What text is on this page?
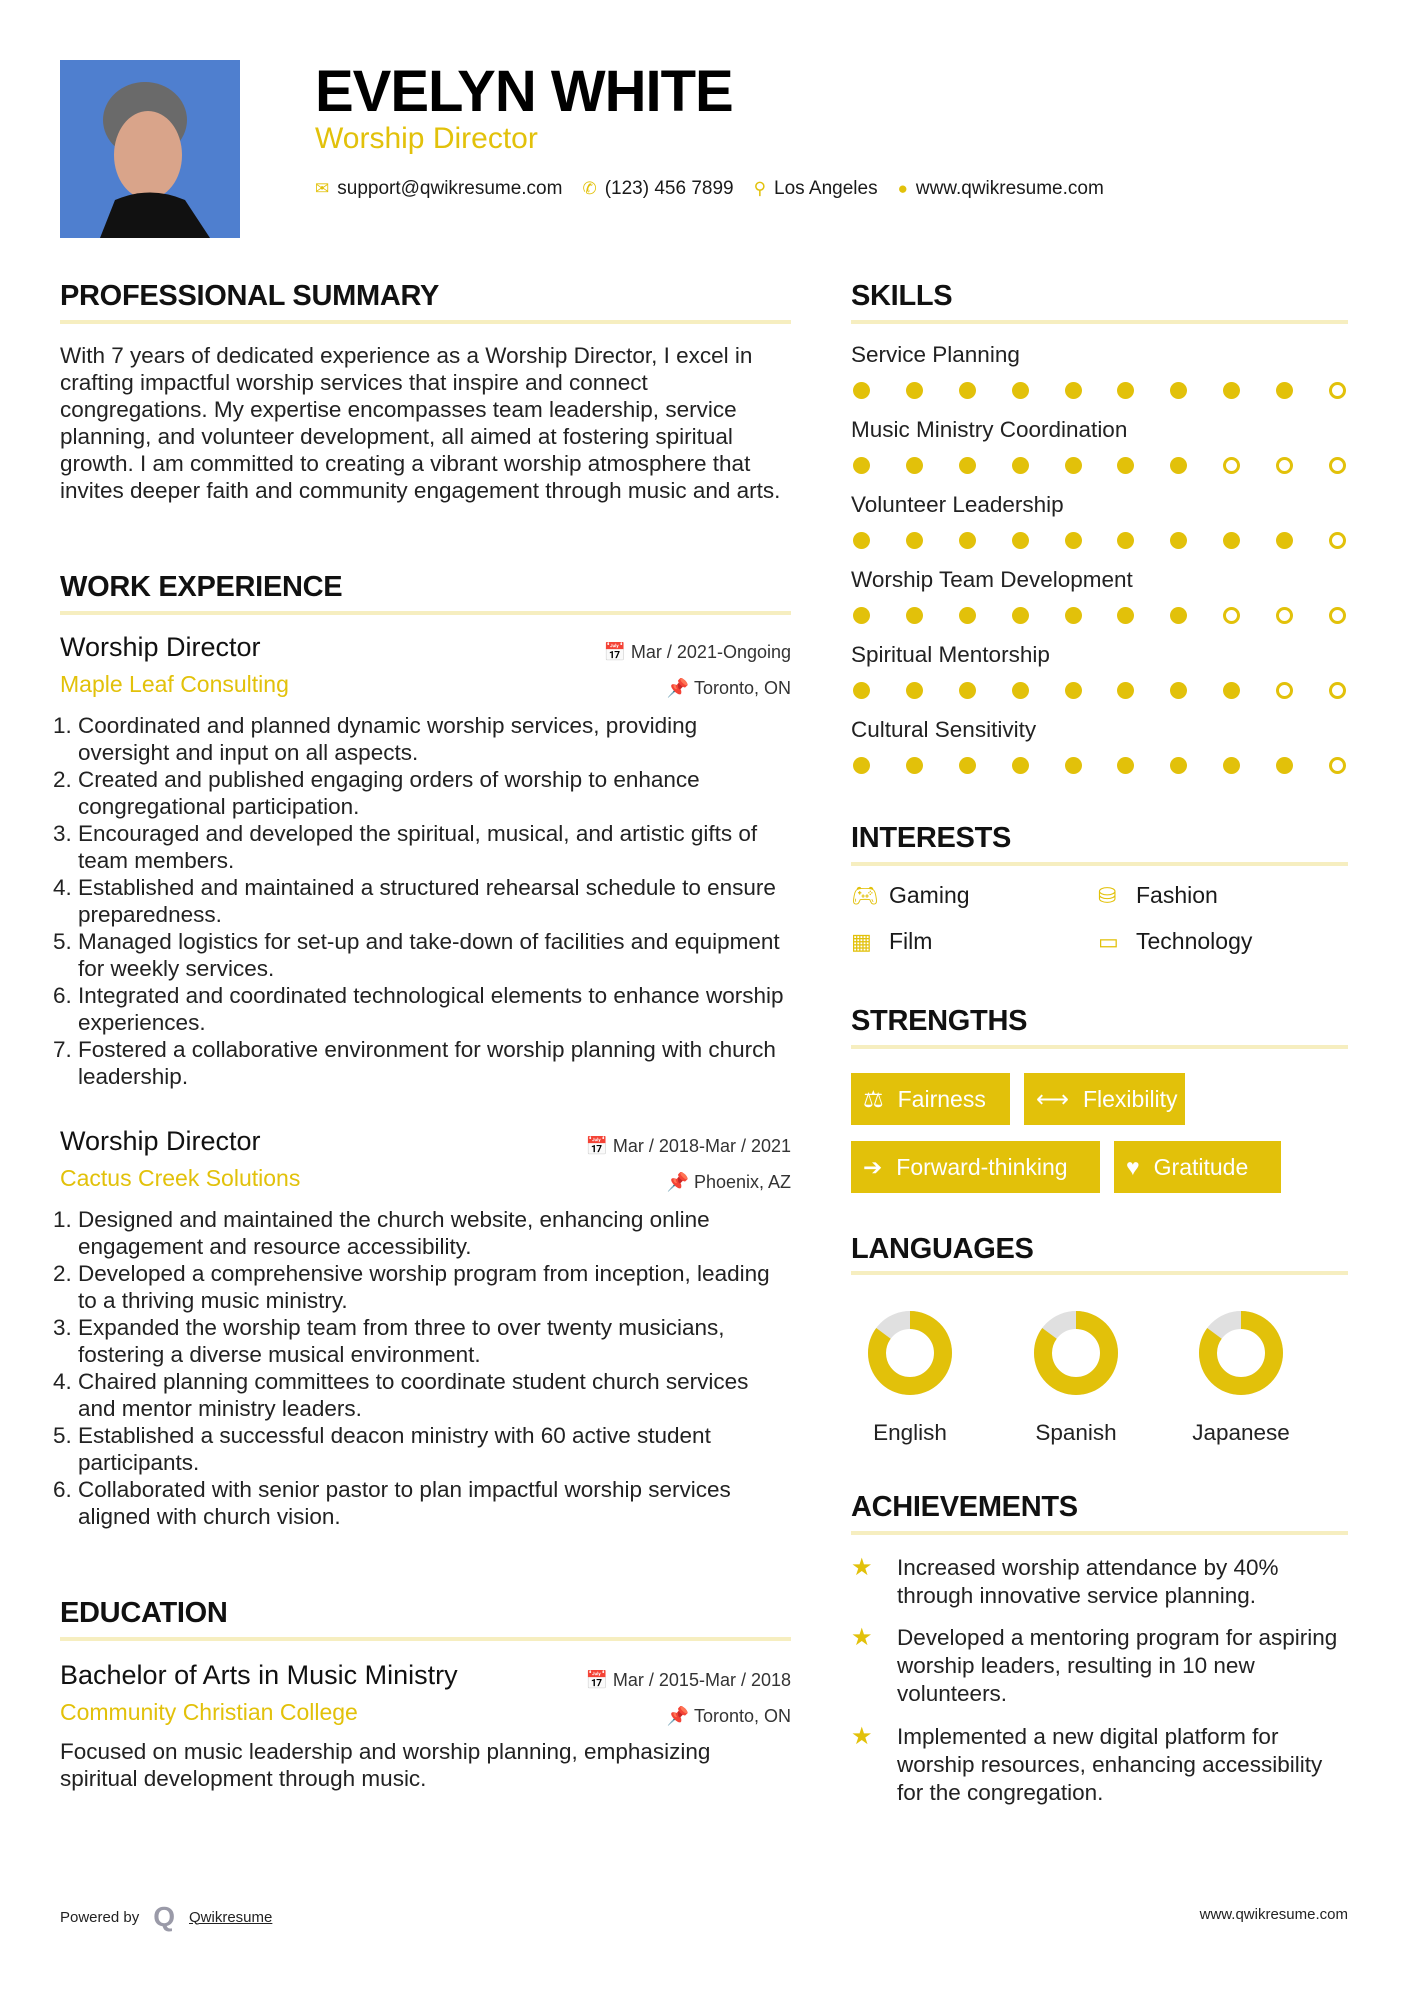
EVELYN WHITE
Worship Director
✉ support@qwikresume.com ✆ (123) 456 7899 ⚲ Los Angeles ● www.qwikresume.com
PROFESSIONAL SUMMARY
With 7 years of dedicated experience as a Worship Director, I excel in crafting impactful worship services that inspire and connect congregations. My expertise encompasses team leadership, service planning, and volunteer development, all aimed at fostering spiritual growth. I am committed to creating a vibrant worship atmosphere that invites deeper faith and community engagement through music and arts.
WORK EXPERIENCE
📅 Mar / 2021-Ongoing
📌 Toronto, ON
Worship Director
Maple Leaf Consulting
1. Coordinated and planned dynamic worship services, providing oversight and input on all aspects.
2. Created and published engaging orders of worship to enhance congregational participation.
3. Encouraged and developed the spiritual, musical, and artistic gifts of team members.
4. Established and maintained a structured rehearsal schedule to ensure preparedness.
5. Managed logistics for set-up and take-down of facilities and equipment for weekly services.
6. Integrated and coordinated technological elements to enhance worship experiences.
7. Fostered a collaborative environment for worship planning with church leadership.
📅 Mar / 2018-Mar / 2021
📌 Phoenix, AZ
Worship Director
Cactus Creek Solutions
1. Designed and maintained the church website, enhancing online engagement and resource accessibility.
2. Developed a comprehensive worship program from inception, leading to a thriving music ministry.
3. Expanded the worship team from three to over twenty musicians, fostering a diverse musical environment.
4. Chaired planning committees to coordinate student church services and mentor ministry leaders.
5. Established a successful deacon ministry with 60 active student participants.
6. Collaborated with senior pastor to plan impactful worship services aligned with church vision.
EDUCATION
📅 Mar / 2015-Mar / 2018
📌 Toronto, ON
Bachelor of Arts in Music Ministry
Community Christian College
Focused on music leadership and worship planning, emphasizing spiritual development through music.
SKILLS
Service Planning
Music Ministry Coordination
Volunteer Leadership
Worship Team Development
Spiritual Mentorship
Cultural Sensitivity
INTERESTS
🎮︎ Gaming	⛁ Fashion
▦ Film	▭ Technology
STRENGTHS
⚖ Fairness ⟷ Flexibility
➔ Forward-thinking	♥ Gratitude
LANGUAGES
English	Spanish	Japanese
ACHIEVEMENTS
★ Increased worship attendance by 40% through innovative service planning.
★ Developed a mentoring program for aspiring worship leaders, resulting in 10 new volunteers.
★ Implemented a new digital platform for worship resources, enhancing accessibility for the congregation.
Powered by Q Qwikresume	www.qwikresume.com
